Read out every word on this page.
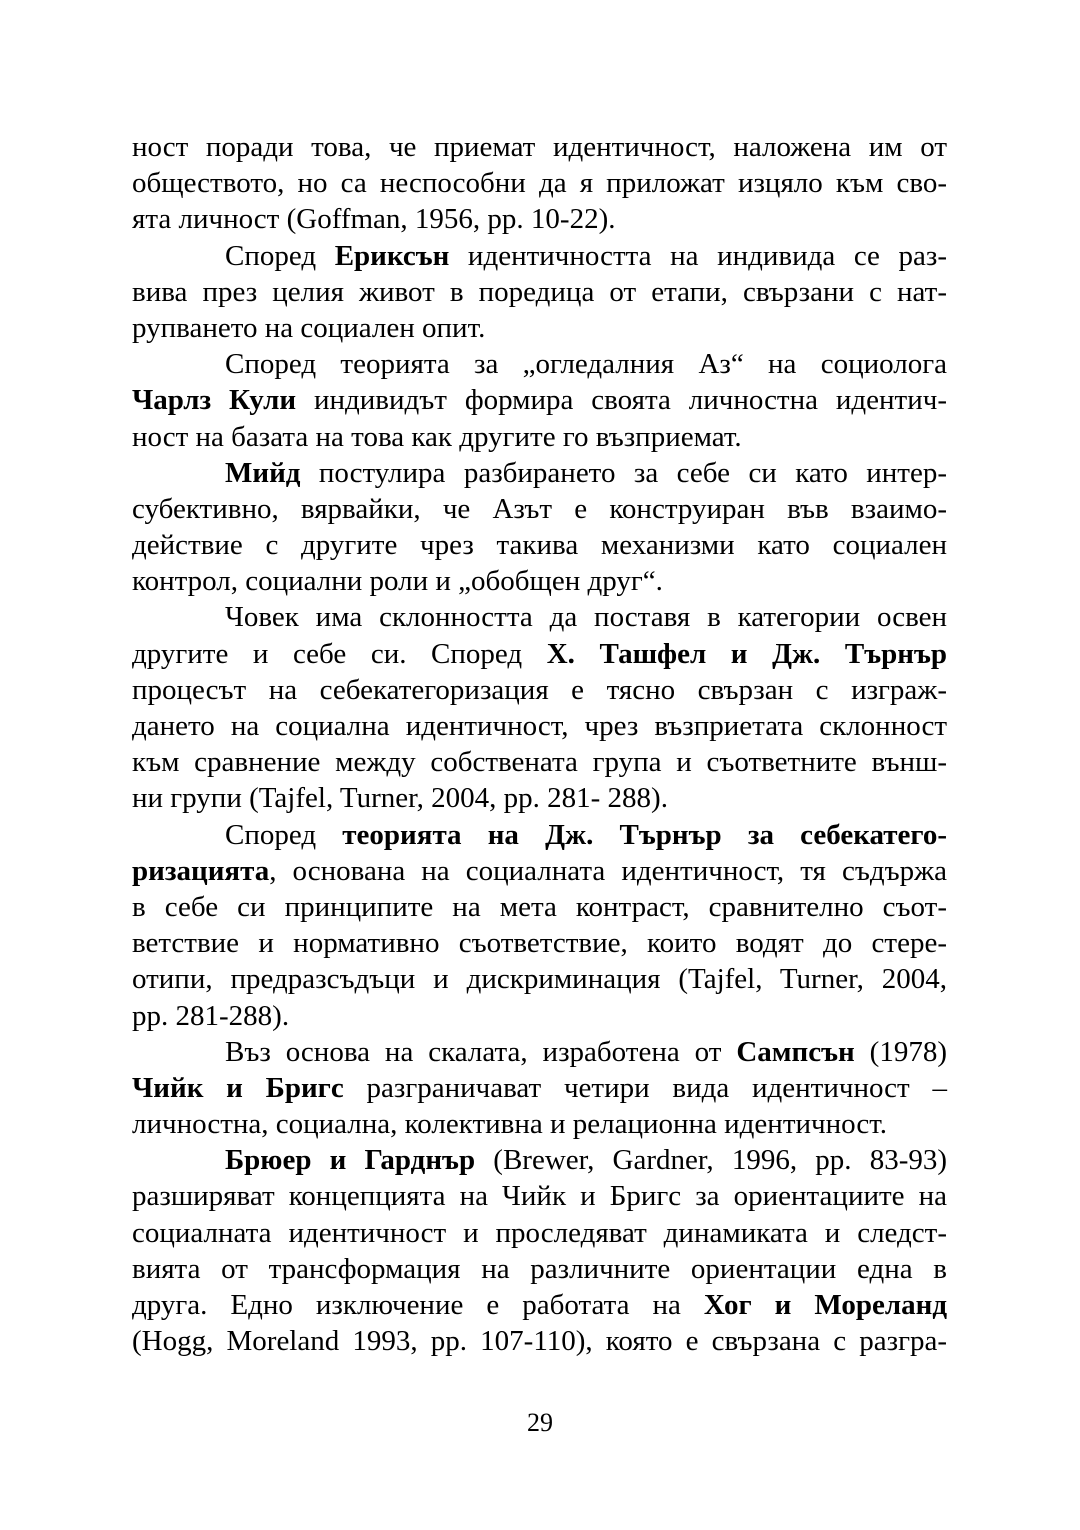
ност поради това, че приемат идентичност, наложена им от
обществото, но са неспособни да я приложат изцяло към сво-
ята личност (Goffman, 1956, pp. 10-22).
Според Ериксън идентичността на индивида се раз-
вива през целия живот в поредица от етапи, свързани с нат-
рупването на социален опит.
Според теорията за „огледалния Аз“ на социолога
Чарлз Кули индивидът формира своята личностна идентич-
ност на базата на това как другите го възприемат.
Мийд постулира разбирането за себе си като интер-
субективно, вярвайки, че Азът е конструиран във взаимо-
действие с другите чрез такива механизми като социален
контрол, социални роли и „обобщен друг“.
Човек има склонността да поставя в категории освен
другите и себе си. Според Х. Ташфел и Дж. Търнър
процесът на себекатегоризация е тясно свързан с изграж-
дането на социална идентичност, чрез възприетата склонност
към сравнение между собствената група и съответните външ-
ни групи (Tajfel, Turner, 2004, pp. 281- 288).
Според теорията на Дж. Търнър за себекатего-
ризацията, основана на социалната идентичност, тя съдържа
в себе си принципите на мета контраст, сравнително съот-
ветствие и нормативно съответствие, които водят до стере-
отипи, предразсъдъци и дискриминация (Tajfel, Turner, 2004,
pp. 281-288).
Въз основа на скалата, изработена от Сампсън (1978)
Чийк и Бригс разграничават четири вида идентичност –
личностна, социална, колективна и релационна идентичност.
Брюер и Гарднър (Brewer, Gardner, 1996, pp. 83-93)
разширяват концепцията на Чийк и Бригс за ориентациите на
социалната идентичност и проследяват динамиката и следст-
вията от трансформация на различните ориентации една в
друга. Едно изключение е работата на Хог и Мореланд
(Hogg, Moreland 1993, pp. 107-110), която е свързана с разгра-
29
